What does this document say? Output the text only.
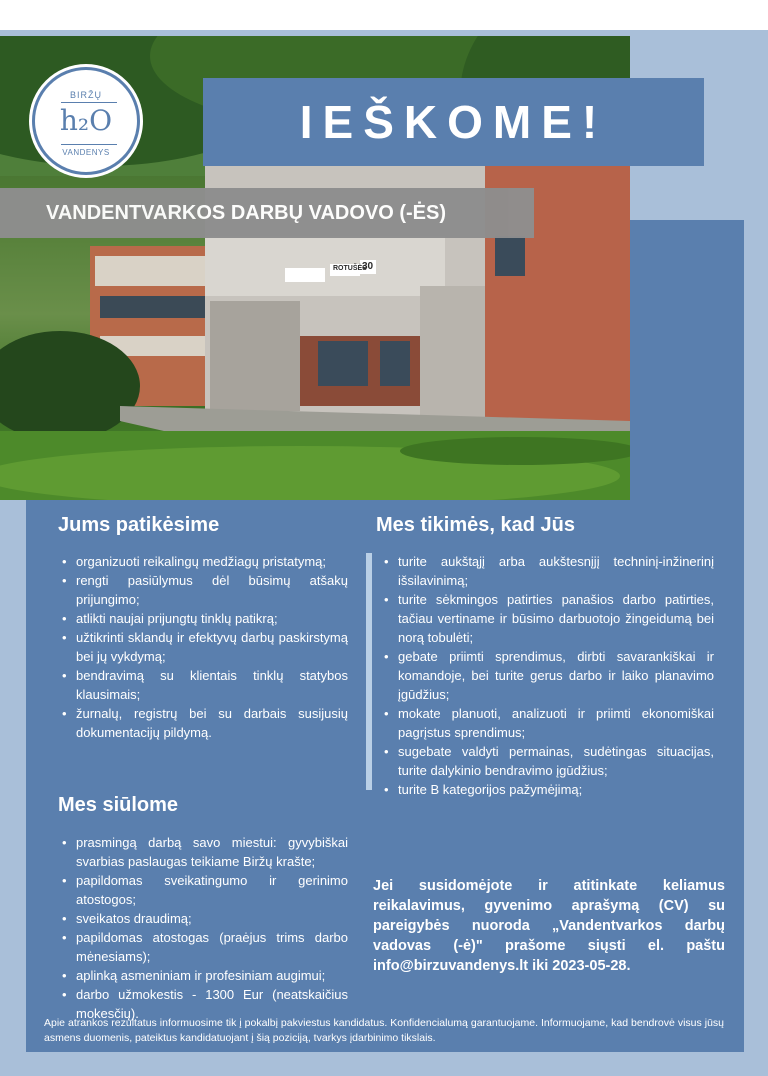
ROTUŠĖS
30
BIRŽŲ
h₂O
VANDENYS
IEŠKOME!
VANDENTVARKOS DARBŲ VADOVO (-ĖS)
Jums patikėsime
• organizuoti reikalingų medžiagų pristatymą;
• rengti pasiūlymus dėl būsimų atšakų prijungimo;
• atlikti naujai prijungtų tinklų patikrą;
• užtikrinti sklandų ir efektyvų darbų paskirstymą bei jų vykdymą;
• bendravimą su klientais tinklų statybos klausimais;
• žurnalų, registrų bei su darbais susijusių dokumentacijų pildymą.
Mes tikimės, kad Jūs
• turite aukštąjį arba aukštesnįjį techninį-inžinerinį išsilavinimą;
• turite sėkmingos patirties panašios darbo patirties, tačiau vertiname ir būsimo darbuotojo žingeidumą bei norą tobulėti;
• gebate priimti sprendimus, dirbti savarankiškai ir komandoje, bei turite gerus darbo ir laiko planavimo įgūdžius;
• mokate planuoti, analizuoti ir priimti ekonomiškai pagrįstus sprendimus;
• sugebate valdyti permainas, sudėtingas situacijas, turite dalykinio bendravimo įgūdžius;
• turite B kategorijos pažymėjimą;
Mes siūlome
• prasmingą darbą savo miestui: gyvybiškai svarbias paslaugas teikiame Biržų krašte;
• papildomas sveikatingumo ir gerinimo atostogos;
• sveikatos draudimą;
• papildomas atostogas (praėjus trims darbo mėnesiams);
• aplinką asmeniniam ir profesiniam augimui;
• darbo užmokestis - 1300 Eur (neatskaičius mokesčių).
Jei susidomėjote ir atitinkate keliamus reikalavimus, gyvenimo aprašymą (CV) su pareigybės nuoroda „Vandentvarkos darbų vadovas (-ė)" prašome siųsti el. paštu info@birzuvandenys.lt iki 2023-05-28.
Apie atrankos rezultatus informuosime tik į pokalbį pakviestus kandidatus. Konfidencialumą garantuojame. Informuojame, kad bendrovė visus jūsų asmens duomenis, pateiktus kandidatuojant į šią poziciją, tvarkys įdarbinimo tikslais.
